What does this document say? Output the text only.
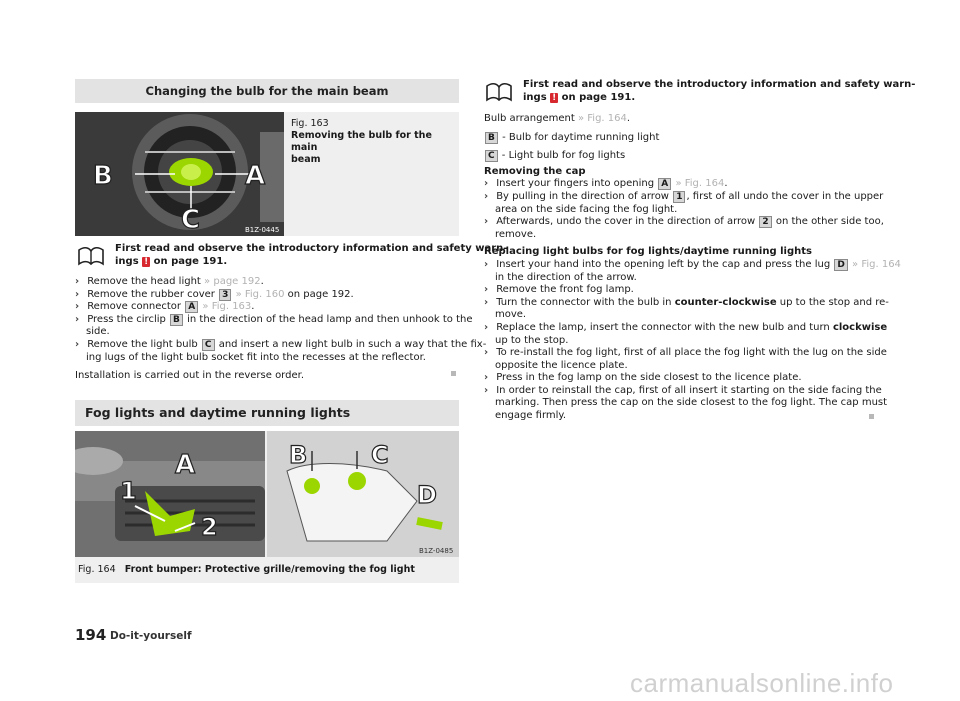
Changing the bulb for the main beam
B	A
C	B1Z-0445
Fig. 163
Removing the bulb for the main
beam
First read and observe the introductory information and safety warn-
ings ! on page 191.
› Remove the head light » page 192.
› Remove the rubber cover 3 » Fig. 160 on page 192.
› Remove connector A » Fig. 163.
› Press the circlip B in the direction of the head lamp and then unhook to the
side.
› Remove the light bulb C and insert a new light bulb in such a way that the fix-
ing lugs of the light bulb socket fit into the recesses at the reflector.
Installation is carried out in the reverse order.
Fog lights and daytime running lights
A
1
2
B	C
D
B1Z-0485
Fig. 164 Front bumper: Protective grille/removing the fog light
First read and observe the introductory information and safety warn-
ings ! on page 191.
Bulb arrangement » Fig. 164.
B - Bulb for daytime running light
C - Light bulb for fog lights
Removing the cap
› Insert your fingers into opening A » Fig. 164.
› By pulling in the direction of arrow 1 , first of all undo the cover in the upper
area on the side facing the fog light.
› Afterwards, undo the cover in the direction of arrow 2 on the other side too,
remove.
Replacing light bulbs for fog lights/daytime running lights
› Insert your hand into the opening left by the cap and press the lug D » Fig. 164
in the direction of the arrow.
› Remove the front fog lamp.
› Turn the connector with the bulb in counter-clockwise up to the stop and re-
move.
› Replace the lamp, insert the connector with the new bulb and turn clockwise
up to the stop.
› To re-install the fog light, first of all place the fog light with the lug on the side
opposite the licence plate.
› Press in the fog lamp on the side closest to the licence plate.
› In order to reinstall the cap, first of all insert it starting on the side facing the
marking. Then press the cap on the side closest to the fog light. The cap must
engage firmly.
194 Do-it-yourself
carmanualsonline.info
